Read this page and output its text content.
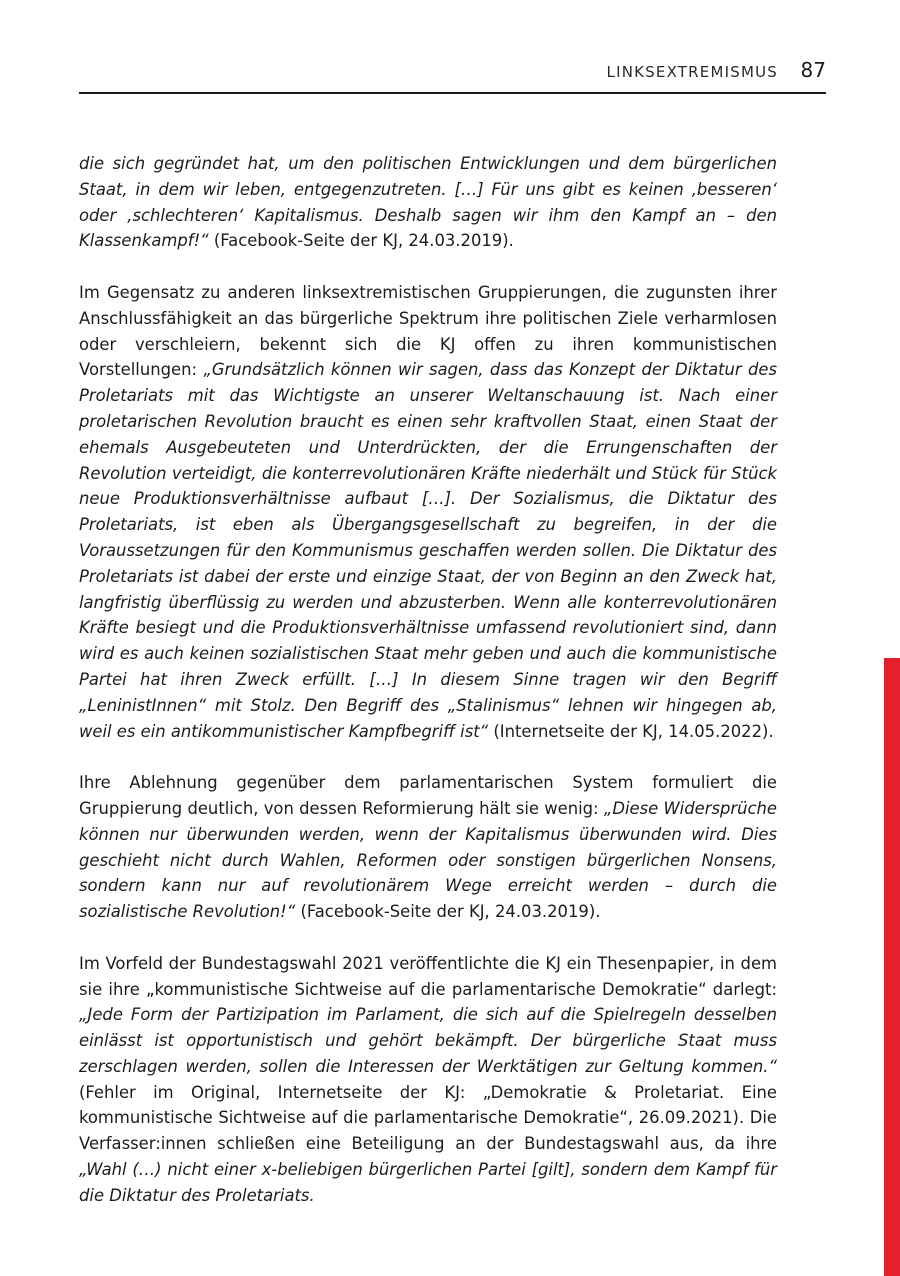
LINKSEXTREMISMUS 87

die sich gegründet hat, um den politischen Entwicklungen und dem bürgerlichen Staat, in dem wir leben, entgegenzutreten. […] Für uns gibt es keinen ‚besseren‘ oder ‚schlechteren‘ Kapitalismus. Deshalb sagen wir ihm den Kampf an – den Klassenkampf!“ (Facebook-Seite der KJ, 24.03.2019).

Im Gegensatz zu anderen linksextremistischen Gruppierungen, die zugunsten ihrer Anschlussfähigkeit an das bürgerliche Spektrum ihre politischen Ziele verharmlosen oder verschleiern, bekennt sich die KJ offen zu ihren kommunistischen Vorstellungen: „Grundsätzlich können wir sagen, dass das Konzept der Diktatur des Proletariats mit das Wichtigste an unserer Weltanschauung ist. Nach einer proletarischen Revolution braucht es einen sehr kraftvollen Staat, einen Staat der ehemals Ausgebeuteten und Unterdrückten, der die Errungenschaften der Revolution verteidigt, die konterrevolutionären Kräfte niederhält und Stück für Stück neue Produktionsverhältnisse aufbaut […]. Der Sozialismus, die Diktatur des Proletariats, ist eben als Übergangsgesellschaft zu begreifen, in der die Voraussetzungen für den Kommunismus geschaffen werden sollen. Die Diktatur des Proletariats ist dabei der erste und einzige Staat, der von Beginn an den Zweck hat, langfristig überflüssig zu werden und abzusterben. Wenn alle konterrevolutionären Kräfte besiegt und die Produktionsverhältnisse umfassend revolutioniert sind, dann wird es auch keinen sozialistischen Staat mehr geben und auch die kommunistische Partei hat ihren Zweck erfüllt. […] In diesem Sinne tragen wir den Begriff „LeninistInnen“ mit Stolz. Den Begriff des „Stalinismus“ lehnen wir hingegen ab, weil es ein antikommunistischer Kampfbegriff ist“ (Internetseite der KJ, 14.05.2022).

Ihre Ablehnung gegenüber dem parlamentarischen System formuliert die Gruppierung deutlich, von dessen Reformierung hält sie wenig: „Diese Widersprüche können nur überwunden werden, wenn der Kapitalismus überwunden wird. Dies geschieht nicht durch Wahlen, Reformen oder sonstigen bürgerlichen Nonsens, sondern kann nur auf revolutionärem Wege erreicht werden – durch die sozialistische Revolution!“ (Facebook-Seite der KJ, 24.03.2019).

Im Vorfeld der Bundestagswahl 2021 veröffentlichte die KJ ein Thesenpapier, in dem sie ihre „kommunistische Sichtweise auf die parlamentarische Demokratie“ darlegt: „Jede Form der Partizipation im Parlament, die sich auf die Spielregeln desselben einlässt ist opportunistisch und gehört bekämpft. Der bürgerliche Staat muss zerschlagen werden, sollen die Interessen der Werktätigen zur Geltung kommen.“ (Fehler im Original, Internetseite der KJ: „Demokratie & Proletariat. Eine kommunistische Sichtweise auf die parlamentarische Demokratie“, 26.09.2021). Die Verfasser:innen schließen eine Beteiligung an der Bundestagswahl aus, da ihre „Wahl (…) nicht einer x-beliebigen bürgerlichen Partei [gilt], sondern dem Kampf für die Diktatur des Proletariats.
